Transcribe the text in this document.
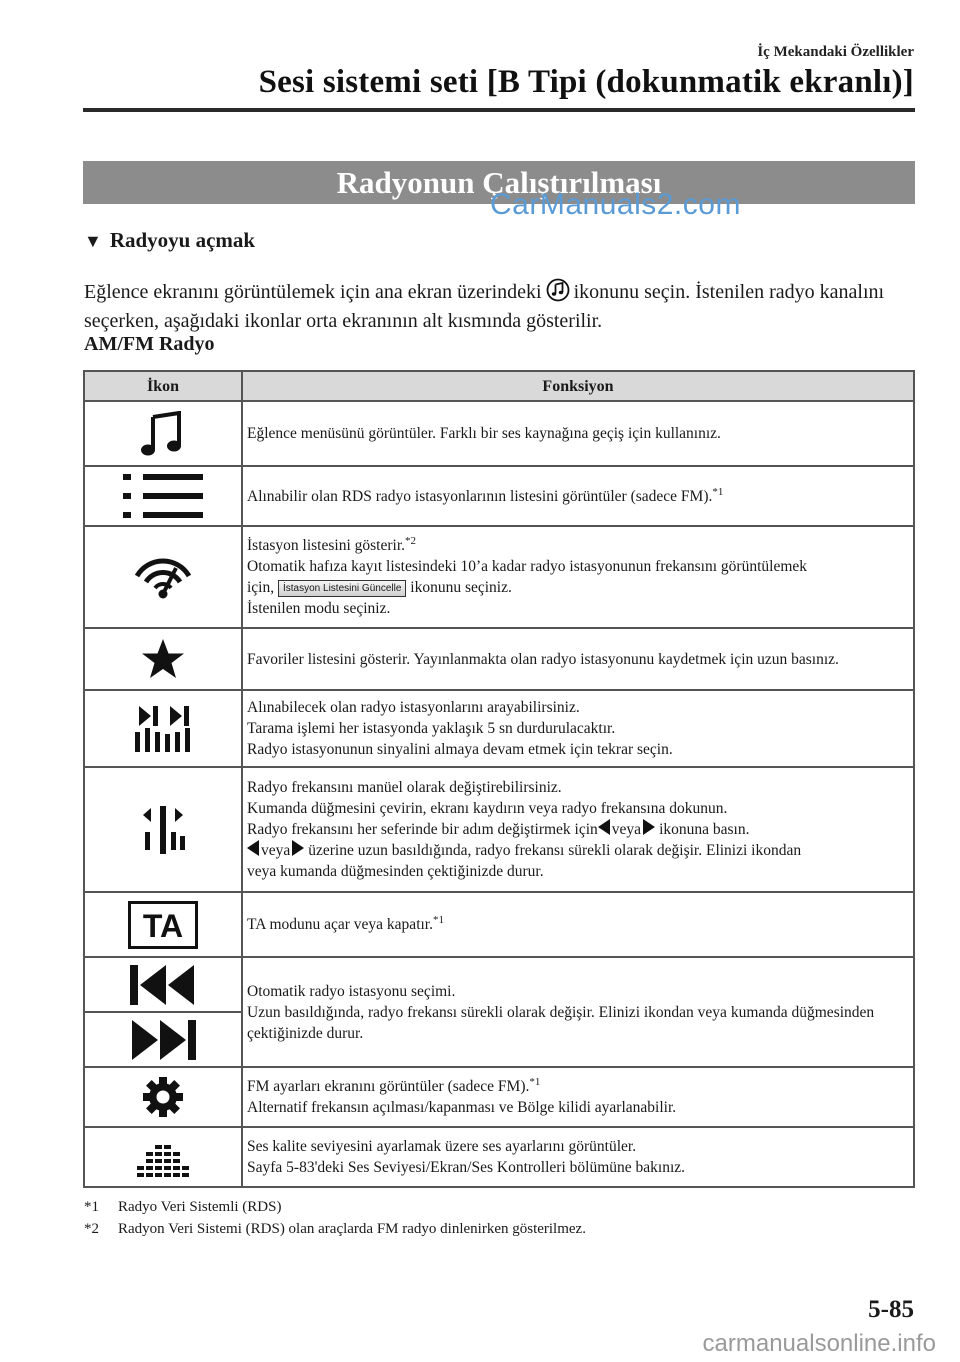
İç Mekandaki Özellikler
Sesi sistemi seti [B Tipi (dokunmatik ekranlı)]
Radyonun Çalıştırılması
CarManuals2.com
▼ Radyoyu açmak
Eğlence ekranını görüntülemek için ana ekran üzerindeki ikonunu seçin. İstenilen radyo kanalını seçerken, aşağıdaki ikonlar orta ekranının alt kısmında gösterilir.
AM/FM Radyo
İkon	Fonksiyon

	Eğlence menüsünü görüntüler. Farklı bir ses kaynağına geçiş için kullanınız.

	Alınabilir olan RDS radyo istasyonlarının listesini görüntüler (sadece FM).$^{*1}$

İstasyon listesini gösterir.$^{*2}$
Otomatik hafıza kayıt listesindeki 10’a kadar radyo istasyonunun frekansını görüntülemek
için, İstasyon Listesini Güncelle ikonunu seçiniz.
İstenilen modu seçiniz.

	Favoriler listesini gösterir. Yayınlanmakta olan radyo istasyonunu kaydetmek için uzun basınız.

Alınabilecek olan radyo istasyonlarını arayabilirsiniz.
Tarama işlemi her istasyonda yaklaşık 5 sn durdurulacaktır.
Radyo istasyonunun sinyalini almaya devam etmek için tekrar seçin.

Radyo frekansını manüel olarak değiştirebilirsiniz.
Kumanda düğmesini çevirin, ekranı kaydırın veya radyo frekansına dokunun.
Radyo frekansını her seferinde bir adım değiştirmek için veya ikonuna basın.
veya üzerine uzun basıldığında, radyo frekansı sürekli olarak değişir. Elinizi ikondan
veya kumanda düğmesinden çektiğinizde durur.

TA	TA modunu açar veya kapatır.$^{*1}$

Otomatik radyo istasyonu seçimi.
Uzun basıldığında, radyo frekansı sürekli olarak değişir. Elinizi ikondan veya kumanda düğmesinden çektiğinizde durur.

FM ayarları ekranını görüntüler (sadece FM).$^{*1}$
Alternatif frekansın açılması/kapanması ve Bölge kilidi ayarlanabilir.

Ses kalite seviyesini ayarlamak üzere ses ayarlarını görüntüler.
Sayfa 5-83'deki Ses Seviyesi/Ekran/Ses Kontrolleri bölümüne bakınız.
*1 Radyo Veri Sistemli (RDS)
*2 Radyon Veri Sistemi (RDS) olan araçlarda FM radyo dinlenirken gösterilmez.
5-85
carmanualsonline.info
